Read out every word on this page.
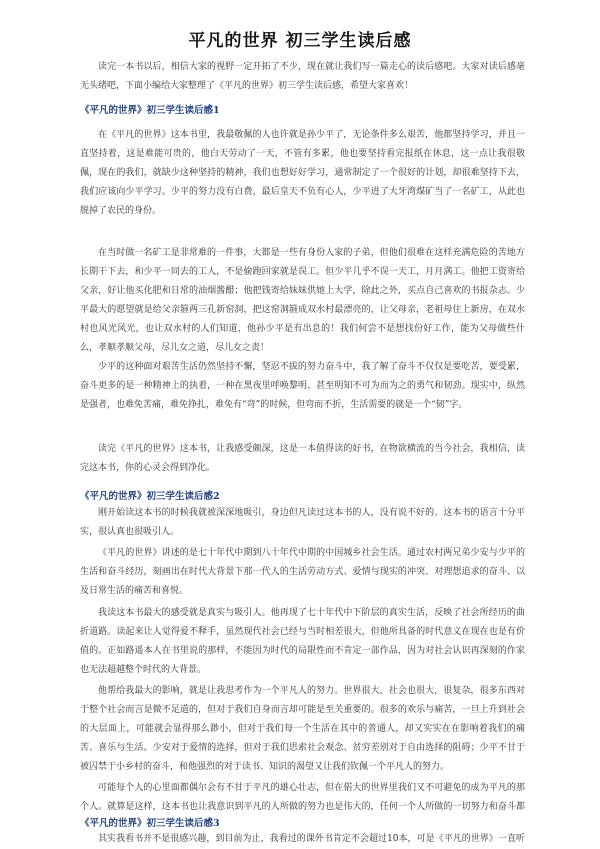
平凡的世界 初三学生读后感

读完一本书以后，相信大家的视野一定开拓了不少，现在就让我们写一篇走心的读后感吧。大家对读后感毫无头绪吧，下面小编给大家整理了《平凡的世界》初三学生读后感，希望大家喜欢！

《平凡的世界》初三学生读后感1

在《平凡的世界》这本书里，我最敬佩的人也许就是孙少平了，无论条件多么艰苦，他都坚持学习，并且一直坚持着，这是难能可贵的，他白天劳动了一天，不管有多累，他也要坚持看完报纸在休息，这一点让我很敬佩，现在的我们，就缺少这种坚持的精神，我们也想好好学习，通常制定了一个很好的计划，却很难坚持下去，我们应该向少平学习。少平的努力没有白费，最后皇天不负有心人，少平进了大牙湾煤矿当了一名矿工，从此也脱掉了农民的身份。

在当时做一名矿工是非常难的一件事，大都是一些有身份人家的子弟，但他们很难在这样充满危险的苦地方长期干下去，和少平一同去的工人，不是偷跑回家就是误工。但少平几乎不误一天工，月月满工。他把工资寄给父亲，好让他买化肥和日常的油烟酱醋；他把钱寄给妹妹供她上大学，除此之外，买点自己喜欢的书报杂志。少平最大的愿望就是给父亲箍两三孔新窑洞，把这窑洞箍成双水村最漂亮的，让父母亲，老祖母住上新房，在双水村也风光风光，也让双水村的人们知道，他孙少平是有出息的！我们何尝不是想找份好工作，能为父母做些什么，孝顺孝顺父母，尽儿女之道，尽儿女之责！

少平的这种面对艰苦生活仍然坚持不懈，坚忍不拔的努力奋斗中，我了解了奋斗不仅仅是要吃苦，要受累，奋斗更多的是一种精神上的执着，一种在黑夜里呼唤黎明、甚至明知不可为而为之的勇气和韧劲。现实中，纵然是强者，也难免苦痛，难免挣扎，难免有“弯”的时候，但弯而不折，生活需要的就是一个“韧”字。

读完《平凡的世界》这本书，让我感受颇深，这是一本值得读的好书，在物欲横流的当今社会，我相信，读完这本书，你的心灵会得到净化。

《平凡的世界》初三学生读后感2

刚开始读这本书的时候我就被深深地吸引，身边但凡读过这本书的人，没有说不好的。这本书的语言十分平实，很认真也很吸引人。

《平凡的世界》讲述的是七十年代中期到八十年代中期的中国城乡社会生活。通过农村两兄弟少安与少平的生活和奋斗经历，刻画出在时代大背景下那一代人的生活劳动方式、爱情与现实的冲突、对理想追求的奋斗、以及日常生活的痛苦和喜悦。

我读这本书最大的感受就是真实与吸引人。他再现了七十年代中下阶层的真实生活，反映了社会所经历的曲折道路。读起来让人觉得爱不释手，虽然现代社会已经与当时相差很大，但他所具备的时代意义在现在也是有价值的。正如路遥本人在书里说的那样，不能因为时代的局限性而不肯定一部作品，因为对社会认识再深刻的作家也无法超越整个时代的大背景。

他帮给我最大的影响，就是让我思考作为一个平凡人的努力。世界很大，社会也很大，很复杂，很多东西对于整个社会而言是微不足道的，但对于我们自身而言却可能是至关重要的。很多的欢乐与痛苦，一旦上升到社会的大层面上，可能就会显得那么渺小，但对于我们每一个生活在其中的普通人，却又实实在在影响着我们的痛苦、喜乐与生活。少安对于爱情的选择，但对于我们思索社会观念、贫穷差别对于自由选择的阻碍；少平不甘于被囚禁于小乡村的奋斗，和他强烈的对于读书、知识的渴望又让我们钦佩一个平凡人的努力。

可能每个人的心里面都偶尔会有不甘于平凡的雄心壮志，但在偌大的世界里我们又不可避免的成为平凡的那个人。就算是这样，这本书也让我意识到平凡的人所做的努力也是伟大的，任何一个人所做的一切努力和奋斗都

《平凡的世界》初三学生读后感3

其实我看书并不是很感兴趣，到目前为止，我看过的课外书肯定不会超过10本，可是《平凡的世界》一直听
